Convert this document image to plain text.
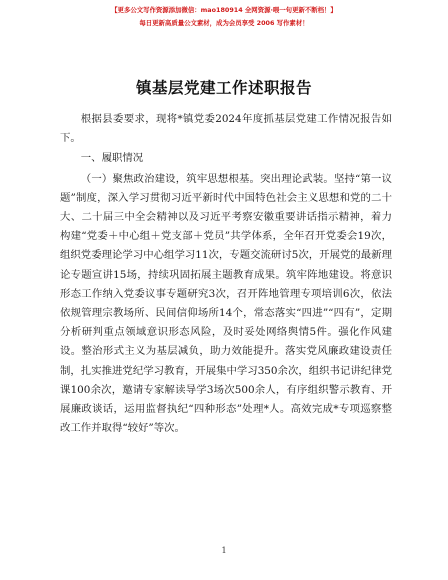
【更多公文写作资源添加微信：mao180914 全网资源·喂一句更新不断档！】
每日更新高质量公文素材，成为会员享受 2006 写作素材！
镇基层党建工作述职报告

根据县委要求，现将*镇党委2024年度抓基层党建工作情况报告如下。

一、履职情况

（一）聚焦政治建设，筑牢思想根基。突出理论武装。坚持“第一议题”制度，深入学习贯彻习近平新时代中国特色社会主义思想和党的二十大、二十届三中全会精神以及习近平考察安徽重要讲话指示精神，着力构建“党委＋中心组＋党支部＋党员”共学体系，全年召开党委会19次，组织党委理论学习中心组学习11次，专题交流研讨5次，开展党的最新理论专题宣讲15场，持续巩固拓展主题教育成果。筑牢阵地建设。将意识形态工作纳入党委议事专题研究3次，召开阵地管理专项培训6次，依法依规管理宗教场所、民间信仰场所14个，常态落实“四进”“四有”，定期分析研判重点领域意识形态风险，及时妥处网络舆情5件。强化作风建设。整治形式主义为基层减负，助力效能提升。落实党风廉政建设责任制，扎实推进党纪学习教育，开展集中学习350余次，组织书记讲纪律党课100余次，邀请专家解读导学3场次500余人，有序组织警示教育、开展廉政谈话，运用监督执纪“四种形态”处理*人。高效完成*专项巡察整改工作并取得“较好”等次。

1
